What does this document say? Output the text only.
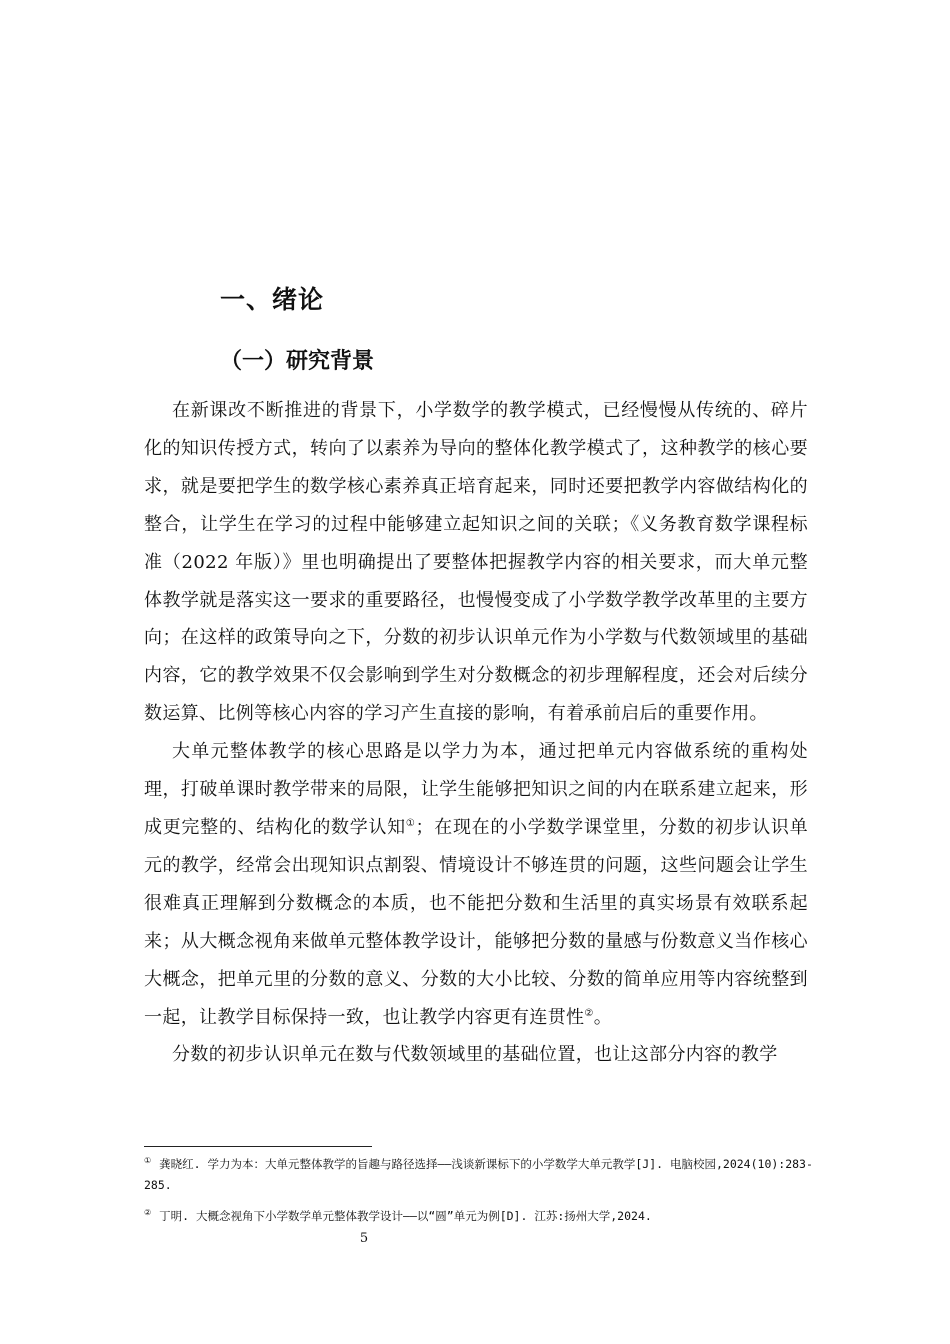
一、绪论
（一）研究背景

在新课改不断推进的背景下，小学数学的教学模式，已经慢慢从传统的、碎片化的知识传授方式，转向了以素养为导向的整体化教学模式了，这种教学的核心要求，就是要把学生的数学核心素养真正培育起来，同时还要把教学内容做结构化的整合，让学生在学习的过程中能够建立起知识之间的关联；《义务教育数学课程标准（2022 年版）》里也明确提出了要整体把握教学内容的相关要求，而大单元整体教学就是落实这一要求的重要路径，也慢慢变成了小学数学教学改革里的主要方向；在这样的政策导向之下，分数的初步认识单元作为小学数与代数领域里的基础内容，它的教学效果不仅会影响到学生对分数概念的初步理解程度，还会对后续分数运算、比例等核心内容的学习产生直接的影响，有着承前启后的重要作用。

大单元整体教学的核心思路是以学力为本，通过把单元内容做系统的重构处理，打破单课时教学带来的局限，让学生能够把知识之间的内在联系建立起来，形成更完整的、结构化的数学认知①；在现在的小学数学课堂里，分数的初步认识单元的教学，经常会出现知识点割裂、情境设计不够连贯的问题，这些问题会让学生很难真正理解到分数概念的本质，也不能把分数和生活里的真实场景有效联系起来；从大概念视角来做单元整体教学设计，能够把分数的量感与份数意义当作核心大概念，把单元里的分数的意义、分数的大小比较、分数的简单应用等内容统整到一起，让教学目标保持一致，也让教学内容更有连贯性②。

分数的初步认识单元在数与代数领域里的基础位置，也让这部分内容的教学

① 龚晓红. 学力为本：大单元整体教学的旨趣与路径选择——浅谈新课标下的小学数学大单元教学[J]. 电脑校园,2024(10):283-285.

② 丁明. 大概念视角下小学数学单元整体教学设计——以“圆”单元为例[D]. 江苏:扬州大学,2024.

5
